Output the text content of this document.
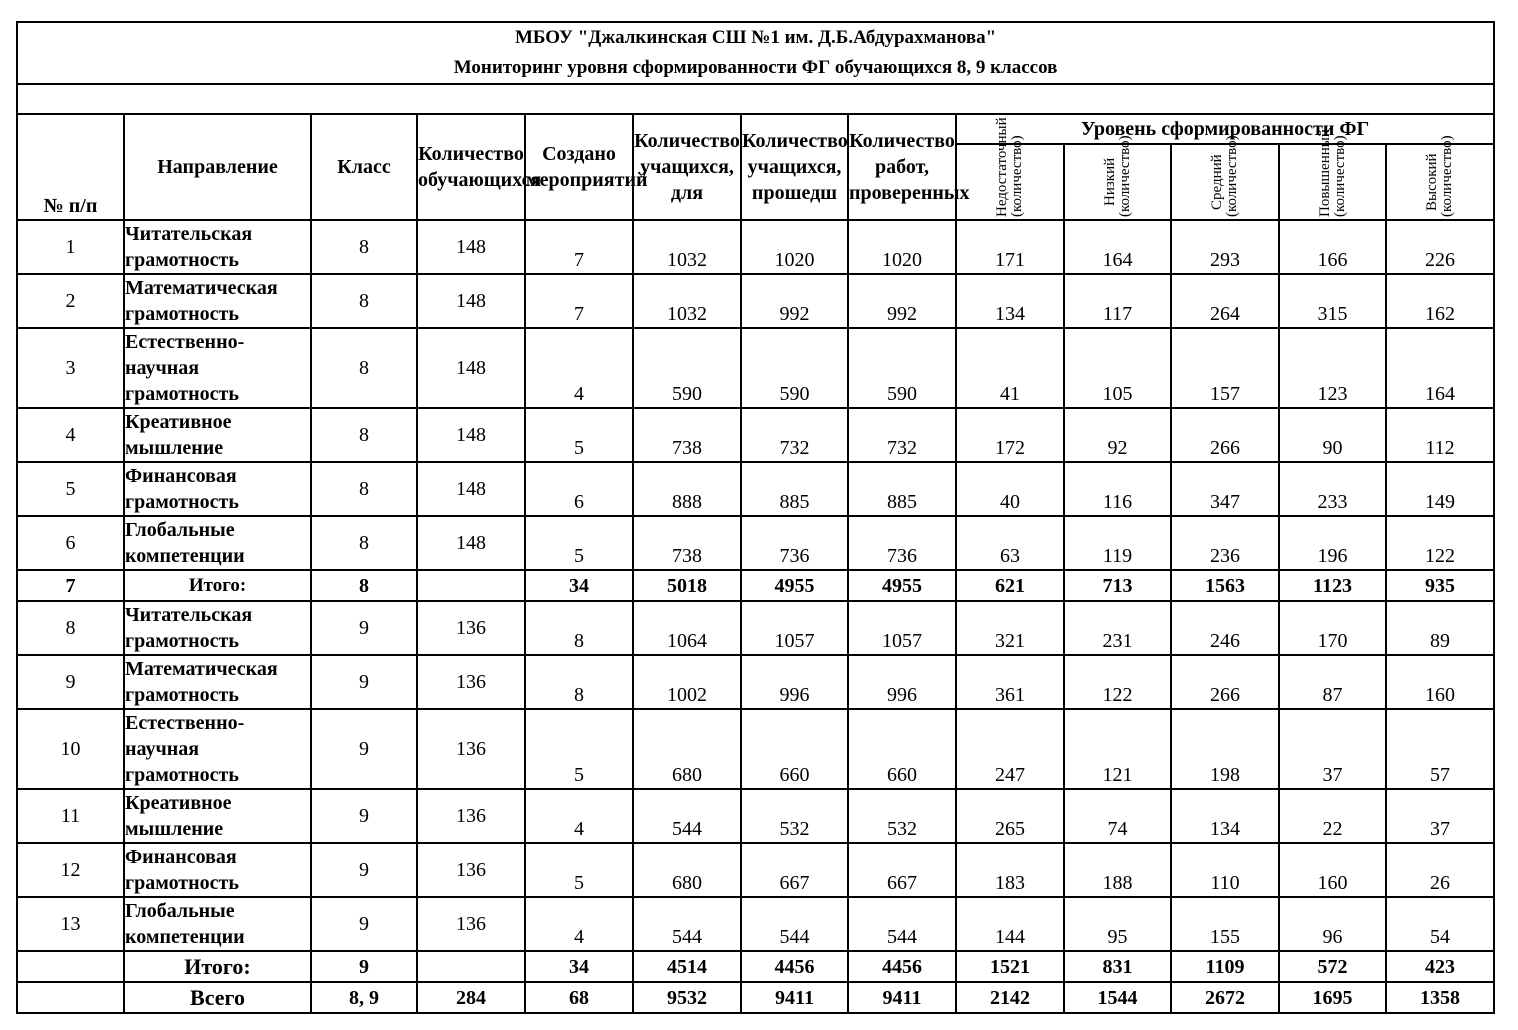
МБОУ "Джалкинская СШ №1 им. Д.Б.Абдурахманова"
Мониторинг уровня сформированности ФГ обучающихся 8, 9 классов												

№ п/п	Направление	Класс	Количество обучающихся	Создано мероприятий	Количество учащихся, для	Количество учащихся, прошедш	Количество работ, проверенных	Уровень сформированности ФГ				

								Недостаточный (количество)	Низкий (количество)	Средний (количество)	Повышенный (количество)	Высокий (количество)

1	Читательская грамотность	8	148	7	1032	1020	1020	171	164	293	166	226
2	Математическая грамотность	8	148	7	1032	992	992	134	117	264	315	162
3	Естественно-научная грамотность	8	148	4	590	590	590	41	105	157	123	164
4	Креативное мышление	8	148	5	738	732	732	172	92	266	90	112
5	Финансовая грамотность	8	148	6	888	885	885	40	116	347	233	149
6	Глобальные компетенции	8	148	5	738	736	736	63	119	236	196	122
7	Итого:	8		34	5018	4955	4955	621	713	1563	1123	935
8	Читательская грамотность	9	136	8	1064	1057	1057	321	231	246	170	89
9	Математическая грамотность	9	136	8	1002	996	996	361	122	266	87	160
10	Естественно-научная грамотность	9	136	5	680	660	660	247	121	198	37	57
11	Креативное мышление	9	136	4	544	532	532	265	74	134	22	37
12	Финансовая грамотность	9	136	5	680	667	667	183	188	110	160	26
13	Глобальные компетенции	9	136	4	544	544	544	144	95	155	96	54
	Итого:	9		34	4514	4456	4456	1521	831	1109	572	423
	Всего	8, 9	284	68	9532	9411	9411	2142	1544	2672	1695	1358
